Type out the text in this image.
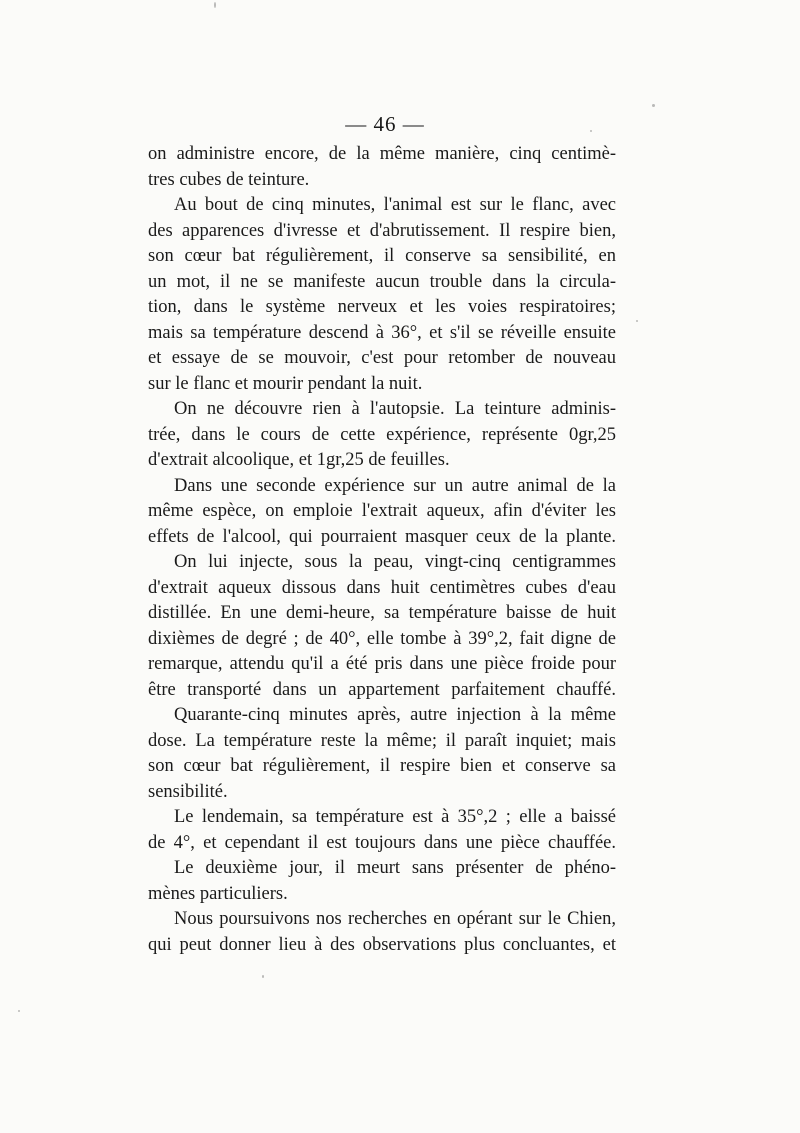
— 46 —
on administre encore, de la même manière, cinq centimè-
tres cubes de teinture.
Au bout de cinq minutes, l'animal est sur le flanc, avec
des apparences d'ivresse et d'abrutissement. Il respire bien,
son cœur bat régulièrement, il conserve sa sensibilité, en
un mot, il ne se manifeste aucun trouble dans la circula-
tion, dans le système nerveux et les voies respiratoires;
mais sa température descend à 36°, et s'il se réveille ensuite
et essaye de se mouvoir, c'est pour retomber de nouveau
sur le flanc et mourir pendant la nuit.
On ne découvre rien à l'autopsie. La teinture adminis-
trée, dans le cours de cette expérience, représente 0gr,25
d'extrait alcoolique, et 1gr,25 de feuilles.
Dans une seconde expérience sur un autre animal de la
même espèce, on emploie l'extrait aqueux, afin d'éviter les
effets de l'alcool, qui pourraient masquer ceux de la plante.
On lui injecte, sous la peau, vingt-cinq centigrammes
d'extrait aqueux dissous dans huit centimètres cubes d'eau
distillée. En une demi-heure, sa température baisse de huit
dixièmes de degré ; de 40°, elle tombe à 39°,2, fait digne de
remarque, attendu qu'il a été pris dans une pièce froide pour
être transporté dans un appartement parfaitement chauffé.
Quarante-cinq minutes après, autre injection à la même
dose. La température reste la même; il paraît inquiet; mais
son cœur bat régulièrement, il respire bien et conserve sa
sensibilité.
Le lendemain, sa température est à 35°,2 ; elle a baissé
de 4°, et cependant il est toujours dans une pièce chauffée.
Le deuxième jour, il meurt sans présenter de phéno-
mènes particuliers.
Nous poursuivons nos recherches en opérant sur le Chien,
qui peut donner lieu à des observations plus concluantes, et
